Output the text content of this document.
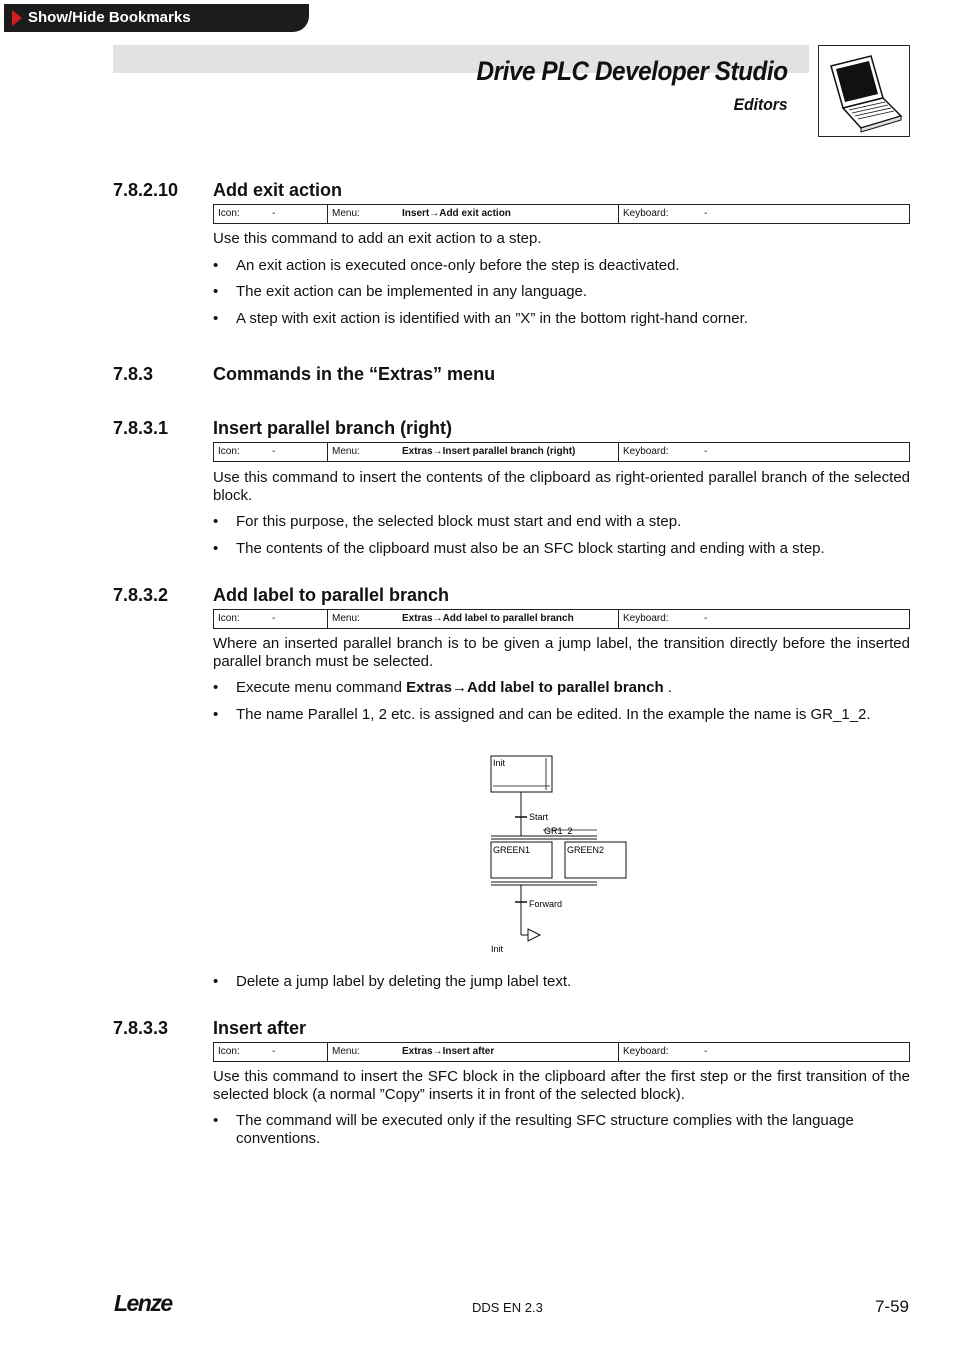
Show/Hide Bookmarks
Drive PLC Developer Studio
Editors
7.8.2.10 Add exit action
Icon:	-	Menu:	Insert→Add exit action	Keyboard:	-
Use this command to add an exit action to a step.
• An exit action is executed once-only before the step is deactivated.
• The exit action can be implemented in any language.
• A step with exit action is identified with an ”X” in the bottom right-hand corner.
7.8.3	Commands in the “Extras” menu
7.8.3.1 Insert parallel branch (right)
Icon:	-	Menu:	Extras→Insert parallel branch (right)	Keyboard:	-
Use this command to insert the contents of the clipboard as right-oriented parallel branch of the selected block.
• For this purpose, the selected block must start and end with a step.
• The contents of the clipboard must also be an SFC block starting and ending with a step.
7.8.3.2 Add label to parallel branch
Icon:	-	Menu:	Extras→Add label to parallel branch	Keyboard:	-
Where an inserted parallel branch is to be given a jump label, the transition directly before the inserted parallel branch must be selected.
• Execute menu command Extras→Add label to parallel branch .
• The name Parallel 1, 2 etc. is assigned and can be edited. In the example the name is GR_1_2.
Init
Start
GR1_2
GREEN1	GREEN2
Forward
Init
• Delete a jump label by deleting the jump label text.
7.8.3.3 Insert after
Icon:	-	Menu:	Extras→Insert after	Keyboard:	-
Use this command to insert the SFC block in the clipboard after the first step or the first transition of the selected block (a normal ”Copy” inserts it in front of the selected block).
• The command will be executed only if the resulting SFC structure complies with the language conventions.
Lenze	DDS EN 2.3	7-59
